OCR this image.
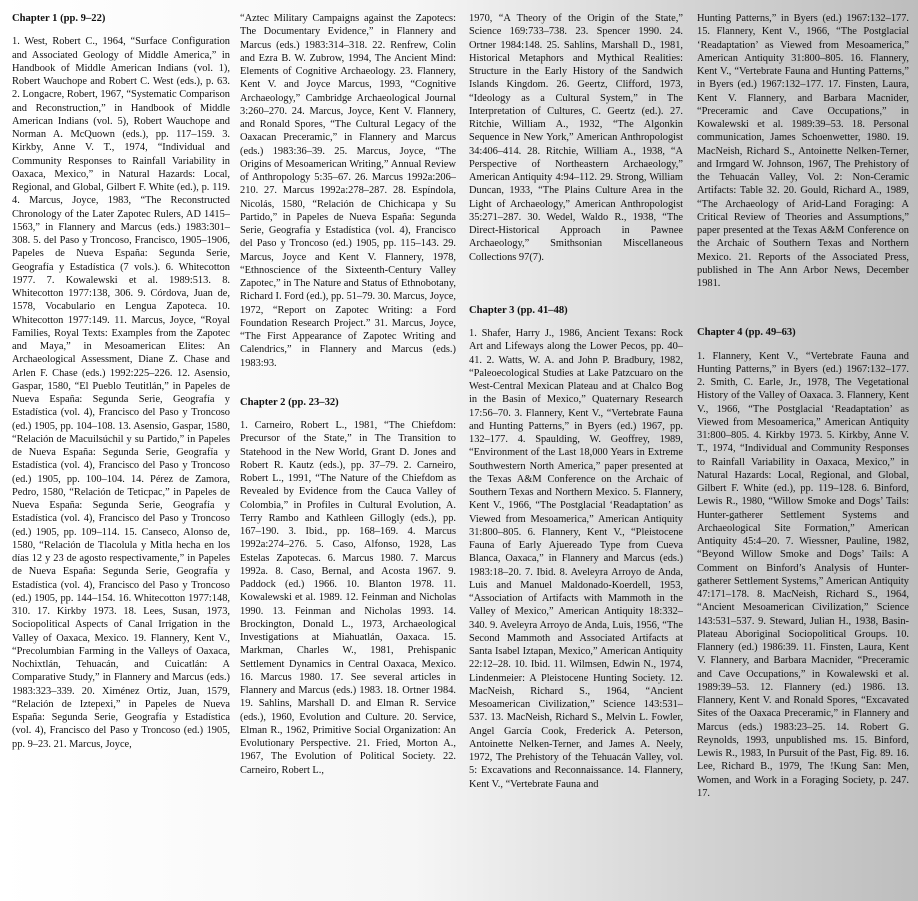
Chapter 1 (pp. 9–22)

1. West, Robert C., 1964, “Surface Configuration and Associated Geology of Middle America,” in Handbook of Middle American Indians (vol. 1), Robert Wauchope and Robert C. West (eds.), p. 63. 2. Longacre, Robert, 1967, “Systematic Comparison and Reconstruction,” in Handbook of Middle American Indians (vol. 5), Robert Wauchope and Norman A. McQuown (eds.), pp. 117–159. 3. Kirkby, Anne V. T., 1974, “Individual and Community Responses to Rainfall Variability in Oaxaca, Mexico,” in Natural Hazards: Local, Regional, and Global, Gilbert F. White (ed.), p. 119. 4. Marcus, Joyce, 1983, “The Reconstructed Chronology of the Later Zapotec Rulers, AD 1415–1563,” in Flannery and Marcus (eds.) 1983:301–308. 5. del Paso y Troncoso, Francisco, 1905–1906, Papeles de Nueva España: Segunda Serie, Geografía y Estadística (7 vols.). 6. Whitecotton 1977. 7. Kowalewski et al. 1989:513. 8. Whitecotton 1977:138, 306. 9. Córdova, Juan de, 1578, Vocabulario en Lengua Zapoteca. 10. Whitecotton 1977:149. 11. Marcus, Joyce, “Royal Families, Royal Texts: Examples from the Zapotec and Maya,” in Mesoamerican Elites: An Archaeological Assessment, Diane Z. Chase and Arlen F. Chase (eds.) 1992:225–226. 12. Asensio, Gaspar, 1580, “El Pueblo Teutitlán,” in Papeles de Nueva España: Segunda Serie, Geografía y Estadística (vol. 4), Francisco del Paso y Troncoso (ed.) 1905, pp. 104–108. 13. Asensio, Gaspar, 1580, “Relación de Macuilsúchil y su Partido,” in Papeles de Nueva España: Segunda Serie, Geografía y Estadística (vol. 4), Francisco del Paso y Troncoso (ed.) 1905, pp. 100–104. 14. Pérez de Zamora, Pedro, 1580, “Relación de Teticpac,” in Papeles de Nueva España: Segunda Serie, Geografía y Estadística (vol. 4), Francisco del Paso y Troncoso (ed.) 1905, pp. 109–114. 15. Canseco, Alonso de, 1580, “Relación de Tlacolula y Mitla hecha en los días 12 y 23 de agosto respectivamente,” in Papeles de Nueva España: Segunda Serie, Geografía y Estadística (vol. 4), Francisco del Paso y Troncoso (ed.) 1905, pp. 144–154. 16. Whitecotton 1977:148, 310. 17. Kirkby 1973. 18. Lees, Susan, 1973, Sociopolitical Aspects of Canal Irrigation in the Valley of Oaxaca, Mexico. 19. Flannery, Kent V., “Precolumbian Farming in the Valleys of Oaxaca, Nochixtlán, Tehuacán, and Cuicatlán: A Comparative Study,” in Flannery and Marcus (eds.) 1983:323–339. 20. Ximénez Ortiz, Juan, 1579, “Relación de Iztepexi,” in Papeles de Nueva España: Segunda Serie, Geografía y Estadística (vol. 4), Francisco del Paso y Troncoso (ed.) 1905, pp. 9–23. 21. Marcus, Joyce,

“Aztec Military Campaigns against the Zapotecs: The Documentary Evidence,” in Flannery and Marcus (eds.) 1983:314–318. 22. Renfrew, Colin and Ezra B. W. Zubrow, 1994, The Ancient Mind: Elements of Cognitive Archaeology. 23. Flannery, Kent V. and Joyce Marcus, 1993, “Cognitive Archaeology,” Cambridge Archaeological Journal 3:260–270. 24. Marcus, Joyce, Kent V. Flannery, and Ronald Spores, “The Cultural Legacy of the Oaxacan Preceramic,” in Flannery and Marcus (eds.) 1983:36–39. 25. Marcus, Joyce, “The Origins of Mesoamerican Writing,” Annual Review of Anthropology 5:35–67. 26. Marcus 1992a:206–210. 27. Marcus 1992a:278–287. 28. Espíndola, Nicolás, 1580, “Relación de Chichicapa y Su Partido,” in Papeles de Nueva España: Segunda Serie, Geografía y Estadística (vol. 4), Francisco del Paso y Troncoso (ed.) 1905, pp. 115–143. 29. Marcus, Joyce and Kent V. Flannery, 1978, “Ethnoscience of the Sixteenth-Century Valley Zapotec,” in The Nature and Status of Ethnobotany, Richard I. Ford (ed.), pp. 51–79. 30. Marcus, Joyce, 1972, “Report on Zapotec Writing: a Ford Foundation Research Project.” 31. Marcus, Joyce, “The First Appearance of Zapotec Writing and Calendrics,” in Flannery and Marcus (eds.) 1983:93.

Chapter 2 (pp. 23–32)

1. Carneiro, Robert L., 1981, “The Chiefdom: Precursor of the State,” in The Transition to Statehood in the New World, Grant D. Jones and Robert R. Kautz (eds.), pp. 37–79. 2. Carneiro, Robert L., 1991, “The Nature of the Chiefdom as Revealed by Evidence from the Cauca Valley of Colombia,” in Profiles in Cultural Evolution, A. Terry Rambo and Kathleen Gillogly (eds.), pp. 167–190. 3. Ibid., pp. 168–169. 4. Marcus 1992a:274–276. 5. Caso, Alfonso, 1928, Las Estelas Zapotecas. 6. Marcus 1980. 7. Marcus 1992a. 8. Caso, Bernal, and Acosta 1967. 9. Paddock (ed.) 1966. 10. Blanton 1978. 11. Kowalewski et al. 1989. 12. Feinman and Nicholas 1990. 13. Feinman and Nicholas 1993. 14. Brockington, Donald L., 1973, Archaeological Investigations at Miahuatlán, Oaxaca. 15. Markman, Charles W., 1981, Prehispanic Settlement Dynamics in Central Oaxaca, Mexico. 16. Marcus 1980. 17. See several articles in Flannery and Marcus (eds.) 1983. 18. Ortner 1984. 19. Sahlins, Marshall D. and Elman R. Service (eds.), 1960, Evolution and Culture. 20. Service, Elman R., 1962, Primitive Social Organization: An Evolutionary Perspective. 21. Fried, Morton A., 1967, The Evolution of Political Society. 22. Carneiro, Robert L.,

1970, “A Theory of the Origin of the State,” Science 169:733–738. 23. Spencer 1990. 24. Ortner 1984:148. 25. Sahlins, Marshall D., 1981, Historical Metaphors and Mythical Realities: Structure in the Early History of the Sandwich Islands Kingdom. 26. Geertz, Clifford, 1973, “Ideology as a Cultural System,” in The Interpretation of Cultures, C. Geertz (ed.). 27. Ritchie, William A., 1932, “The Algonkin Sequence in New York,” American Anthropologist 34:406–414. 28. Ritchie, William A., 1938, “A Perspective of Northeastern Archaeology,” American Antiquity 4:94–112. 29. Strong, William Duncan, 1933, “The Plains Culture Area in the Light of Archaeology,” American Anthropologist 35:271–287. 30. Wedel, Waldo R., 1938, “The Direct-Historical Approach in Pawnee Archaeology,” Smithsonian Miscellaneous Collections 97(7).

Chapter 3 (pp. 41–48)

1. Shafer, Harry J., 1986, Ancient Texans: Rock Art and Lifeways along the Lower Pecos, pp. 40–41. 2. Watts, W. A. and John P. Bradbury, 1982, “Paleoecological Studies at Lake Patzcuaro on the West-Central Mexican Plateau and at Chalco Bog in the Basin of Mexico,” Quaternary Research 17:56–70. 3. Flannery, Kent V., “Vertebrate Fauna and Hunting Patterns,” in Byers (ed.) 1967, pp. 132–177. 4. Spaulding, W. Geoffrey, 1989, “Environment of the Last 18,000 Years in Extreme Southwestern North America,” paper presented at the Texas A&M Conference on the Archaic of Southern Texas and Northern Mexico. 5. Flannery, Kent V., 1966, “The Postglacial ‘Readaptation’ as Viewed from Mesoamerica,” American Antiquity 31:800–805. 6. Flannery, Kent V., “Pleistocene Fauna of Early Ajuereado Type from Cueva Blanca, Oaxaca,” in Flannery and Marcus (eds.) 1983:18–20. 7. Ibid. 8. Aveleyra Arroyo de Anda, Luis and Manuel Maldonado-Koerdell, 1953, “Association of Artifacts with Mammoth in the Valley of Mexico,” American Antiquity 18:332–340. 9. Aveleyra Arroyo de Anda, Luis, 1956, “The Second Mammoth and Associated Artifacts at Santa Isabel Iztapan, Mexico,” American Antiquity 22:12–28. 10. Ibid. 11. Wilmsen, Edwin N., 1974, Lindenmeier: A Pleistocene Hunting Society. 12. MacNeish, Richard S., 1964, “Ancient Mesoamerican Civilization,” Science 143:531–537. 13. MacNeish, Richard S., Melvin L. Fowler, Angel García Cook, Frederick A. Peterson, Antoinette Nelken-Terner, and James A. Neely, 1972, The Prehistory of the Tehuacán Valley, vol. 5: Excavations and Reconnaissance. 14. Flannery, Kent V., “Vertebrate Fauna and

Hunting Patterns,” in Byers (ed.) 1967:132–177. 15. Flannery, Kent V., 1966, “The Postglacial ‘Readaptation’ as Viewed from Mesoamerica,” American Antiquity 31:800–805. 16. Flannery, Kent V., “Vertebrate Fauna and Hunting Patterns,” in Byers (ed.) 1967:132–177. 17. Finsten, Laura, Kent V. Flannery, and Barbara Macnider, “Preceramic and Cave Occupations,” in Kowalewski et al. 1989:39–53. 18. Personal communication, James Schoenwetter, 1980. 19. MacNeish, Richard S., Antoinette Nelken-Terner, and Irmgard W. Johnson, 1967, The Prehistory of the Tehuacán Valley, Vol. 2: Non-Ceramic Artifacts: Table 32. 20. Gould, Richard A., 1989, “The Archaeology of Arid-Land Foraging: A Critical Review of Theories and Assumptions,” paper presented at the Texas A&M Conference on the Archaic of Southern Texas and Northern Mexico. 21. Reports of the Associated Press, published in The Ann Arbor News, December 1981.

Chapter 4 (pp. 49–63)

1. Flannery, Kent V., “Vertebrate Fauna and Hunting Patterns,” in Byers (ed.) 1967:132–177. 2. Smith, C. Earle, Jr., 1978, The Vegetational History of the Valley of Oaxaca. 3. Flannery, Kent V., 1966, “The Postglacial ‘Readaptation’ as Viewed from Mesoamerica,” American Antiquity 31:800–805. 4. Kirkby 1973. 5. Kirkby, Anne V. T., 1974, “Individual and Community Responses to Rainfall Variability in Oaxaca, Mexico,” in Natural Hazards: Local, Regional, and Global, Gilbert F. White (ed.), pp. 119–128. 6. Binford, Lewis R., 1980, “Willow Smoke and Dogs’ Tails: Hunter-gatherer Settlement Systems and Archaeological Site Formation,” American Antiquity 45:4–20. 7. Wiessner, Pauline, 1982, “Beyond Willow Smoke and Dogs’ Tails: A Comment on Binford’s Analysis of Hunter-gatherer Settlement Systems,” American Antiquity 47:171–178. 8. MacNeish, Richard S., 1964, “Ancient Mesoamerican Civilization,” Science 143:531–537. 9. Steward, Julian H., 1938, Basin-Plateau Aboriginal Sociopolitical Groups. 10. Flannery (ed.) 1986:39. 11. Finsten, Laura, Kent V. Flannery, and Barbara Macnider, “Preceramic and Cave Occupations,” in Kowalewski et al. 1989:39–53. 12. Flannery (ed.) 1986. 13. Flannery, Kent V. and Ronald Spores, “Excavated Sites of the Oaxaca Preceramic,” in Flannery and Marcus (eds.) 1983:23–25. 14. Robert G. Reynolds, 1993, unpublished ms. 15. Binford, Lewis R., 1983, In Pursuit of the Past, Fig. 89. 16. Lee, Richard B., 1979, The !Kung San: Men, Women, and Work in a Foraging Society, p. 247. 17.
